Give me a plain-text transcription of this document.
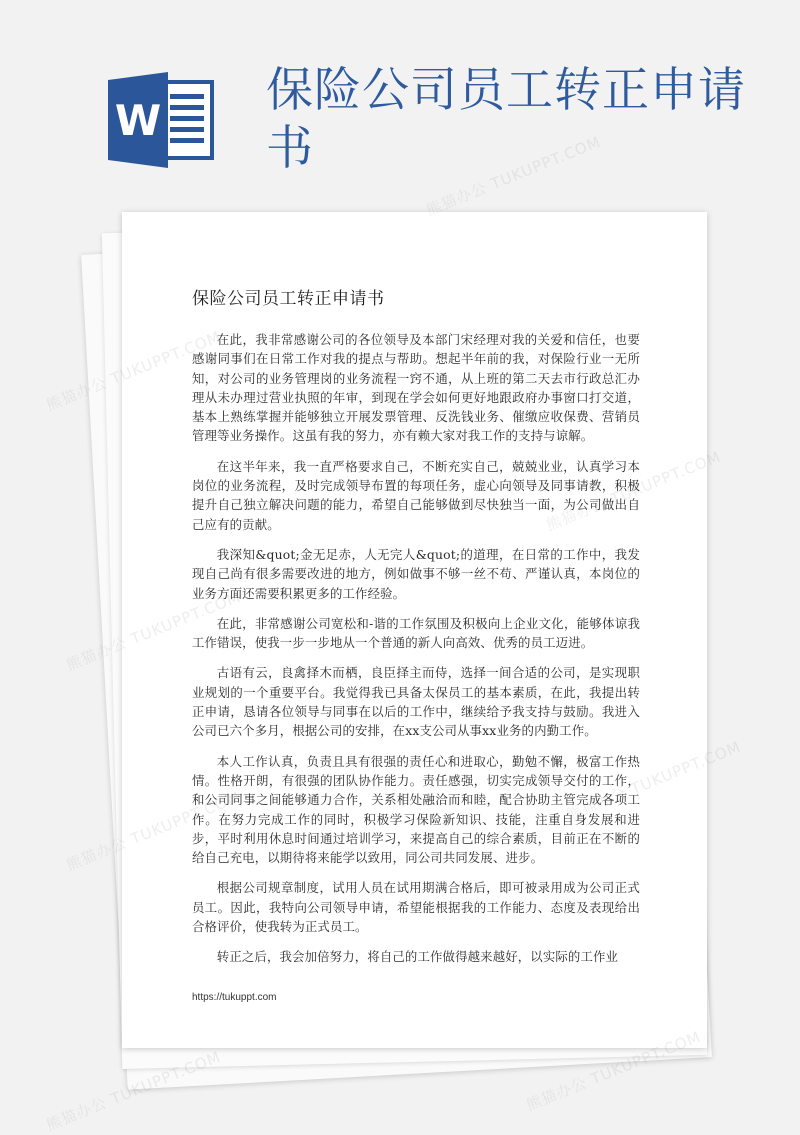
W
保险公司员工转正申请书
保险公司员工转正申请书

在此，我非常感谢公司的各位领导及本部门宋经理对我的关爱和信任，也要感谢同事们在日常工作对我的提点与帮助。想起半年前的我，对保险行业一无所知，对公司的业务管理岗的业务流程一窍不通，从上班的第二天去市行政总汇办理从未办理过营业执照的年审，到现在学会如何更好地跟政府办事窗口打交道，基本上熟练掌握并能够独立开展发票管理、反洗钱业务、催缴应收保费、营销员管理等业务操作。这虽有我的努力，亦有赖大家对我工作的支持与谅解。

在这半年来，我一直严格要求自己，不断充实自己，兢兢业业，认真学习本岗位的业务流程，及时完成领导布置的每项任务，虚心向领导及同事请教，积极提升自己独立解决问题的能力，希望自己能够做到尽快独当一面，为公司做出自己应有的贡献。

我深知&quot;金无足赤，人无完人&quot;的道理，在日常的工作中，我发现自己尚有很多需要改进的地方，例如做事不够一丝不苟、严谨认真，本岗位的业务方面还需要积累更多的工作经验。

在此，非常感谢公司宽松和-谐的工作氛围及积极向上企业文化，能够体谅我工作错误，使我一步一步地从一个普通的新人向高效、优秀的员工迈进。

古语有云，良禽择木而栖，良臣择主而侍，选择一间合适的公司，是实现职业规划的一个重要平台。我觉得我已具备太保员工的基本素质，在此，我提出转正申请，恳请各位领导与同事在以后的工作中，继续给予我支持与鼓励。我进入公司已六个多月，根据公司的安排，在xx支公司从事xx业务的内勤工作。

本人工作认真，负责且具有很强的责任心和进取心，勤勉不懈，极富工作热情。性格开朗，有很强的团队协作能力。责任感强，切实完成领导交付的工作，和公司同事之间能够通力合作，关系相处融洽而和睦，配合协助主管完成各项工作。在努力完成工作的同时，积极学习保险新知识、技能，注重自身发展和进步，平时利用休息时间通过培训学习，来提高自己的综合素质，目前正在不断的给自己充电，以期待将来能学以致用，同公司共同发展、进步。

根据公司规章制度，试用人员在试用期满合格后，即可被录用成为公司正式员工。因此，我特向公司领导申请，希望能根据我的工作能力、态度及表现给出合格评价，使我转为正式员工。

转正之后，我会加倍努力，将自己的工作做得越来越好，以实际的工作业

https://tukuppt.com
熊猫办公 TUKUPPT.COM
熊猫办公
熊猫办公
熊猫办公
熊猫办公 TUKUPPT.COM	熊猫办公 TUKUPPT.COM
